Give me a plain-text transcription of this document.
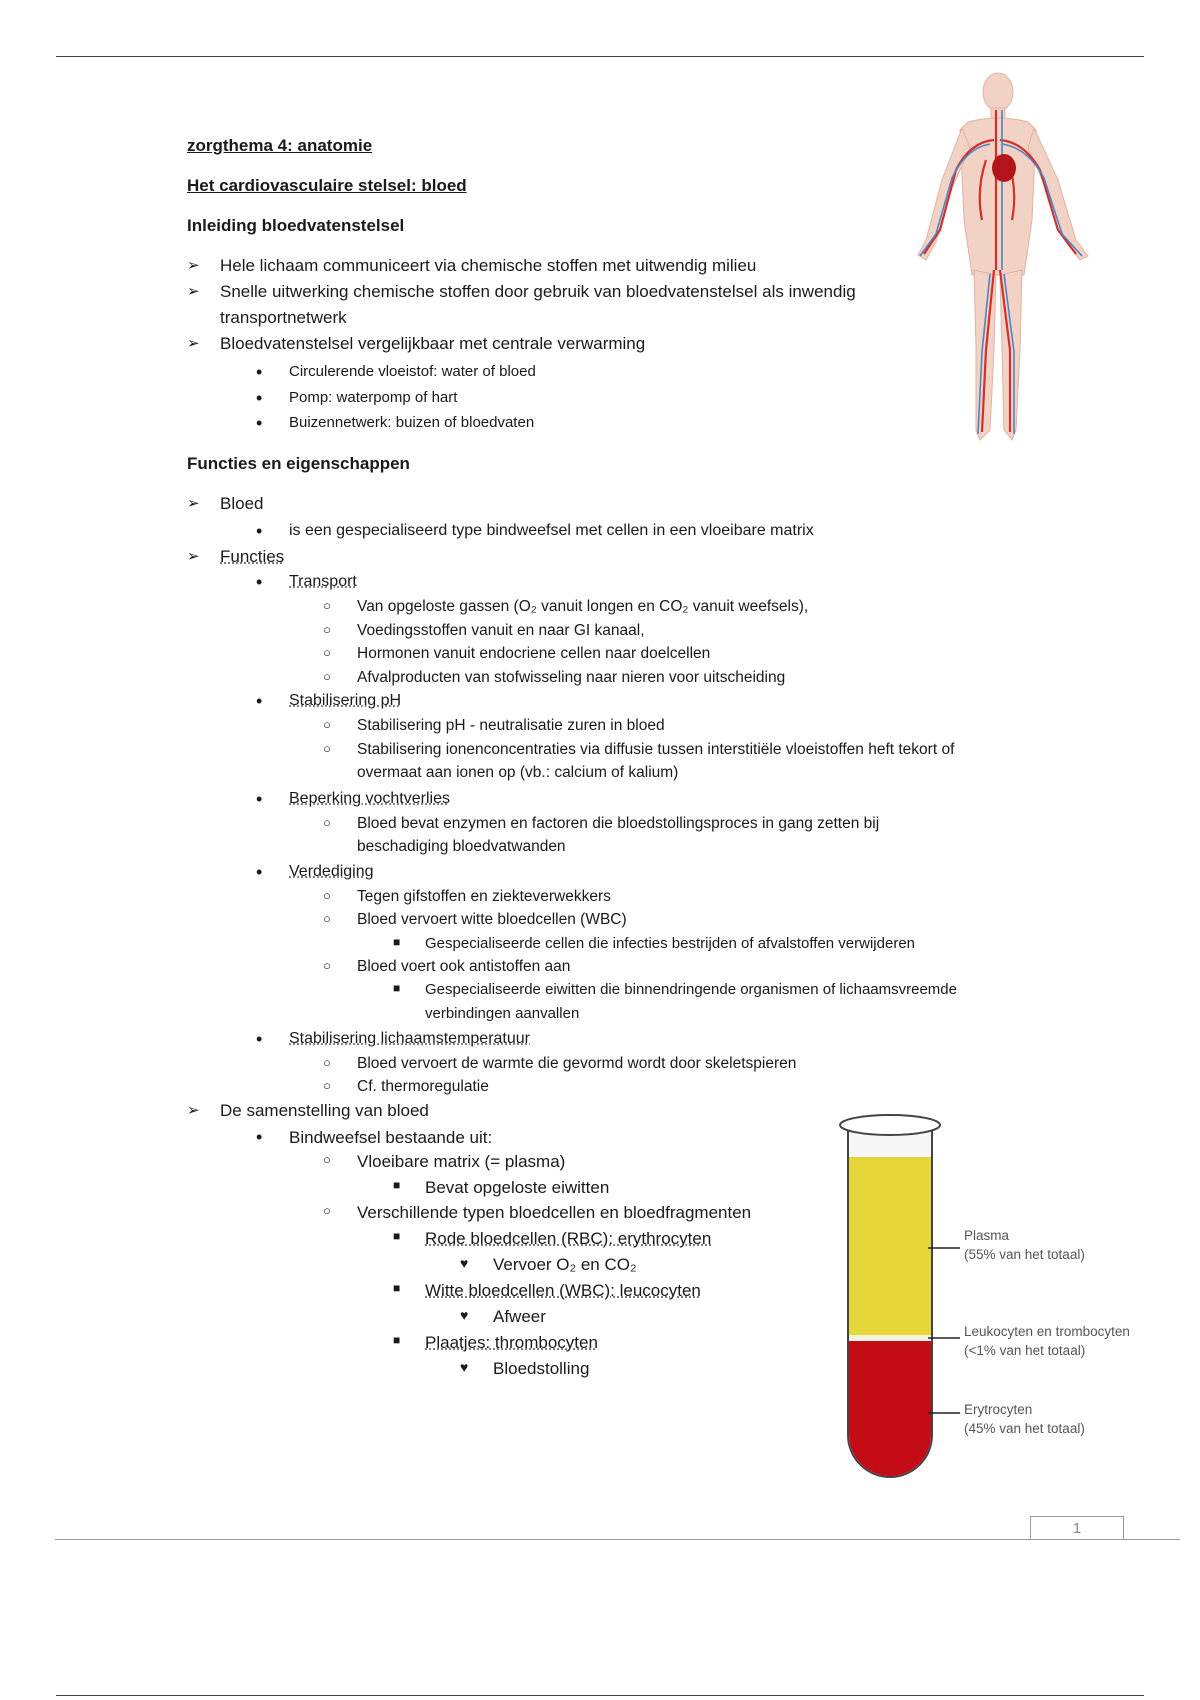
zorgthema 4: anatomie
Het cardiovasculaire stelsel: bloed
Inleiding bloedvatenstelsel
➢ Hele lichaam communiceert via chemische stoffen met uitwendig milieu
➢ Snelle uitwerking chemische stoffen door gebruik van bloedvatenstelsel als inwendig
transportnetwerk
➢ Bloedvatenstelsel vergelijkbaar met centrale verwarming
• Circulerende vloeistof: water of bloed
• Pomp: waterpomp of hart
• Buizennetwerk: buizen of bloedvaten
Functies en eigenschappen
➢ Bloed
• is een gespecialiseerd type bindweefsel met cellen in een vloeibare matrix
➢ Functies
• Transport
○ Van opgeloste gassen (O₂ vanuit longen en CO₂ vanuit weefsels),
○ Voedingsstoffen vanuit en naar GI kanaal,
○ Hormonen vanuit endocriene cellen naar doelcellen
○ Afvalproducten van stofwisseling naar nieren voor uitscheiding
• Stabilisering pH
○ Stabilisering pH - neutralisatie zuren in bloed
○ Stabilisering ionenconcentraties via diffusie tussen interstitiële vloeistoffen heft tekort of
overmaat aan ionen op (vb.: calcium of kalium)
• Beperking vochtverlies
○ Bloed bevat enzymen en factoren die bloedstollingsproces in gang zetten bij
beschadiging bloedvatwanden
• Verdediging
○ Tegen gifstoffen en ziekteverwekkers
○ Bloed vervoert witte bloedcellen (WBC)
■ Gespecialiseerde cellen die infecties bestrijden of afvalstoffen verwijderen
○ Bloed voert ook antistoffen aan
■ Gespecialiseerde eiwitten die binnendringende organismen of lichaamsvreemde
verbindingen aanvallen
• Stabilisering lichaamstemperatuur
○ Bloed vervoert de warmte die gevormd wordt door skeletspieren
○ Cf. thermoregulatie
➢ De samenstelling van bloed
• Bindweefsel bestaande uit:
○ Vloeibare matrix (= plasma)
■ Bevat opgeloste eiwitten
○ Verschillende typen bloedcellen en bloedfragmenten
■ Rode bloedcellen (RBC): erythrocyten
♥ Vervoer O₂ en CO₂
■ Witte bloedcellen (WBC): leucocyten
♥ Afweer
■ Plaatjes: thrombocyten
♥ Bloedstolling
Plasma
(55% van het totaal)
Leukocyten en trombocyten
(<1% van het totaal)
Erytrocyten
(45% van het totaal)
1
